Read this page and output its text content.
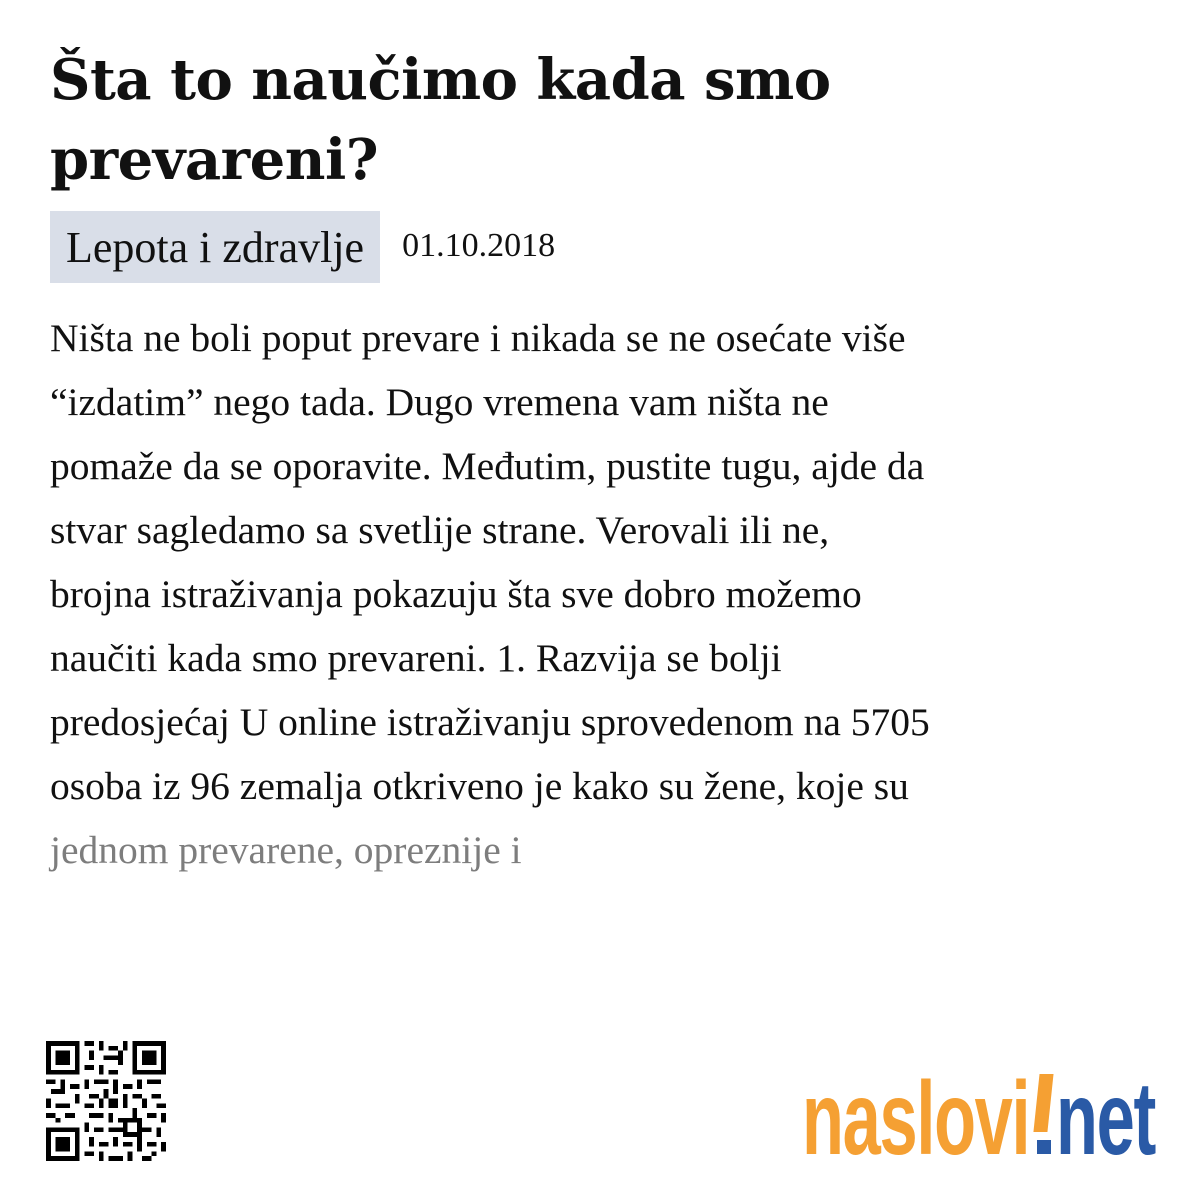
Šta to naučimo kada smo prevareni?
Lepota i zdravlje	01.10.2018

Ništa ne boli poput prevare i nikada se ne osećate više
“izdatim” nego tada. Dugo vremena vam ništa ne
pomaže da se oporavite. Međutim, pustite tugu, ajde da
stvar sagledamo sa svetlije strane. Verovali ili ne,
brojna istraživanja pokazuju šta sve dobro možemo
naučiti kada smo prevareni. 1. Razvija se bolji
predosjećaj U online istraživanju sprovedenom na 5705
osoba iz 96 zemalja otkriveno je kako su žene, koje su
jednom prevarene, opreznije i

naslovi net
